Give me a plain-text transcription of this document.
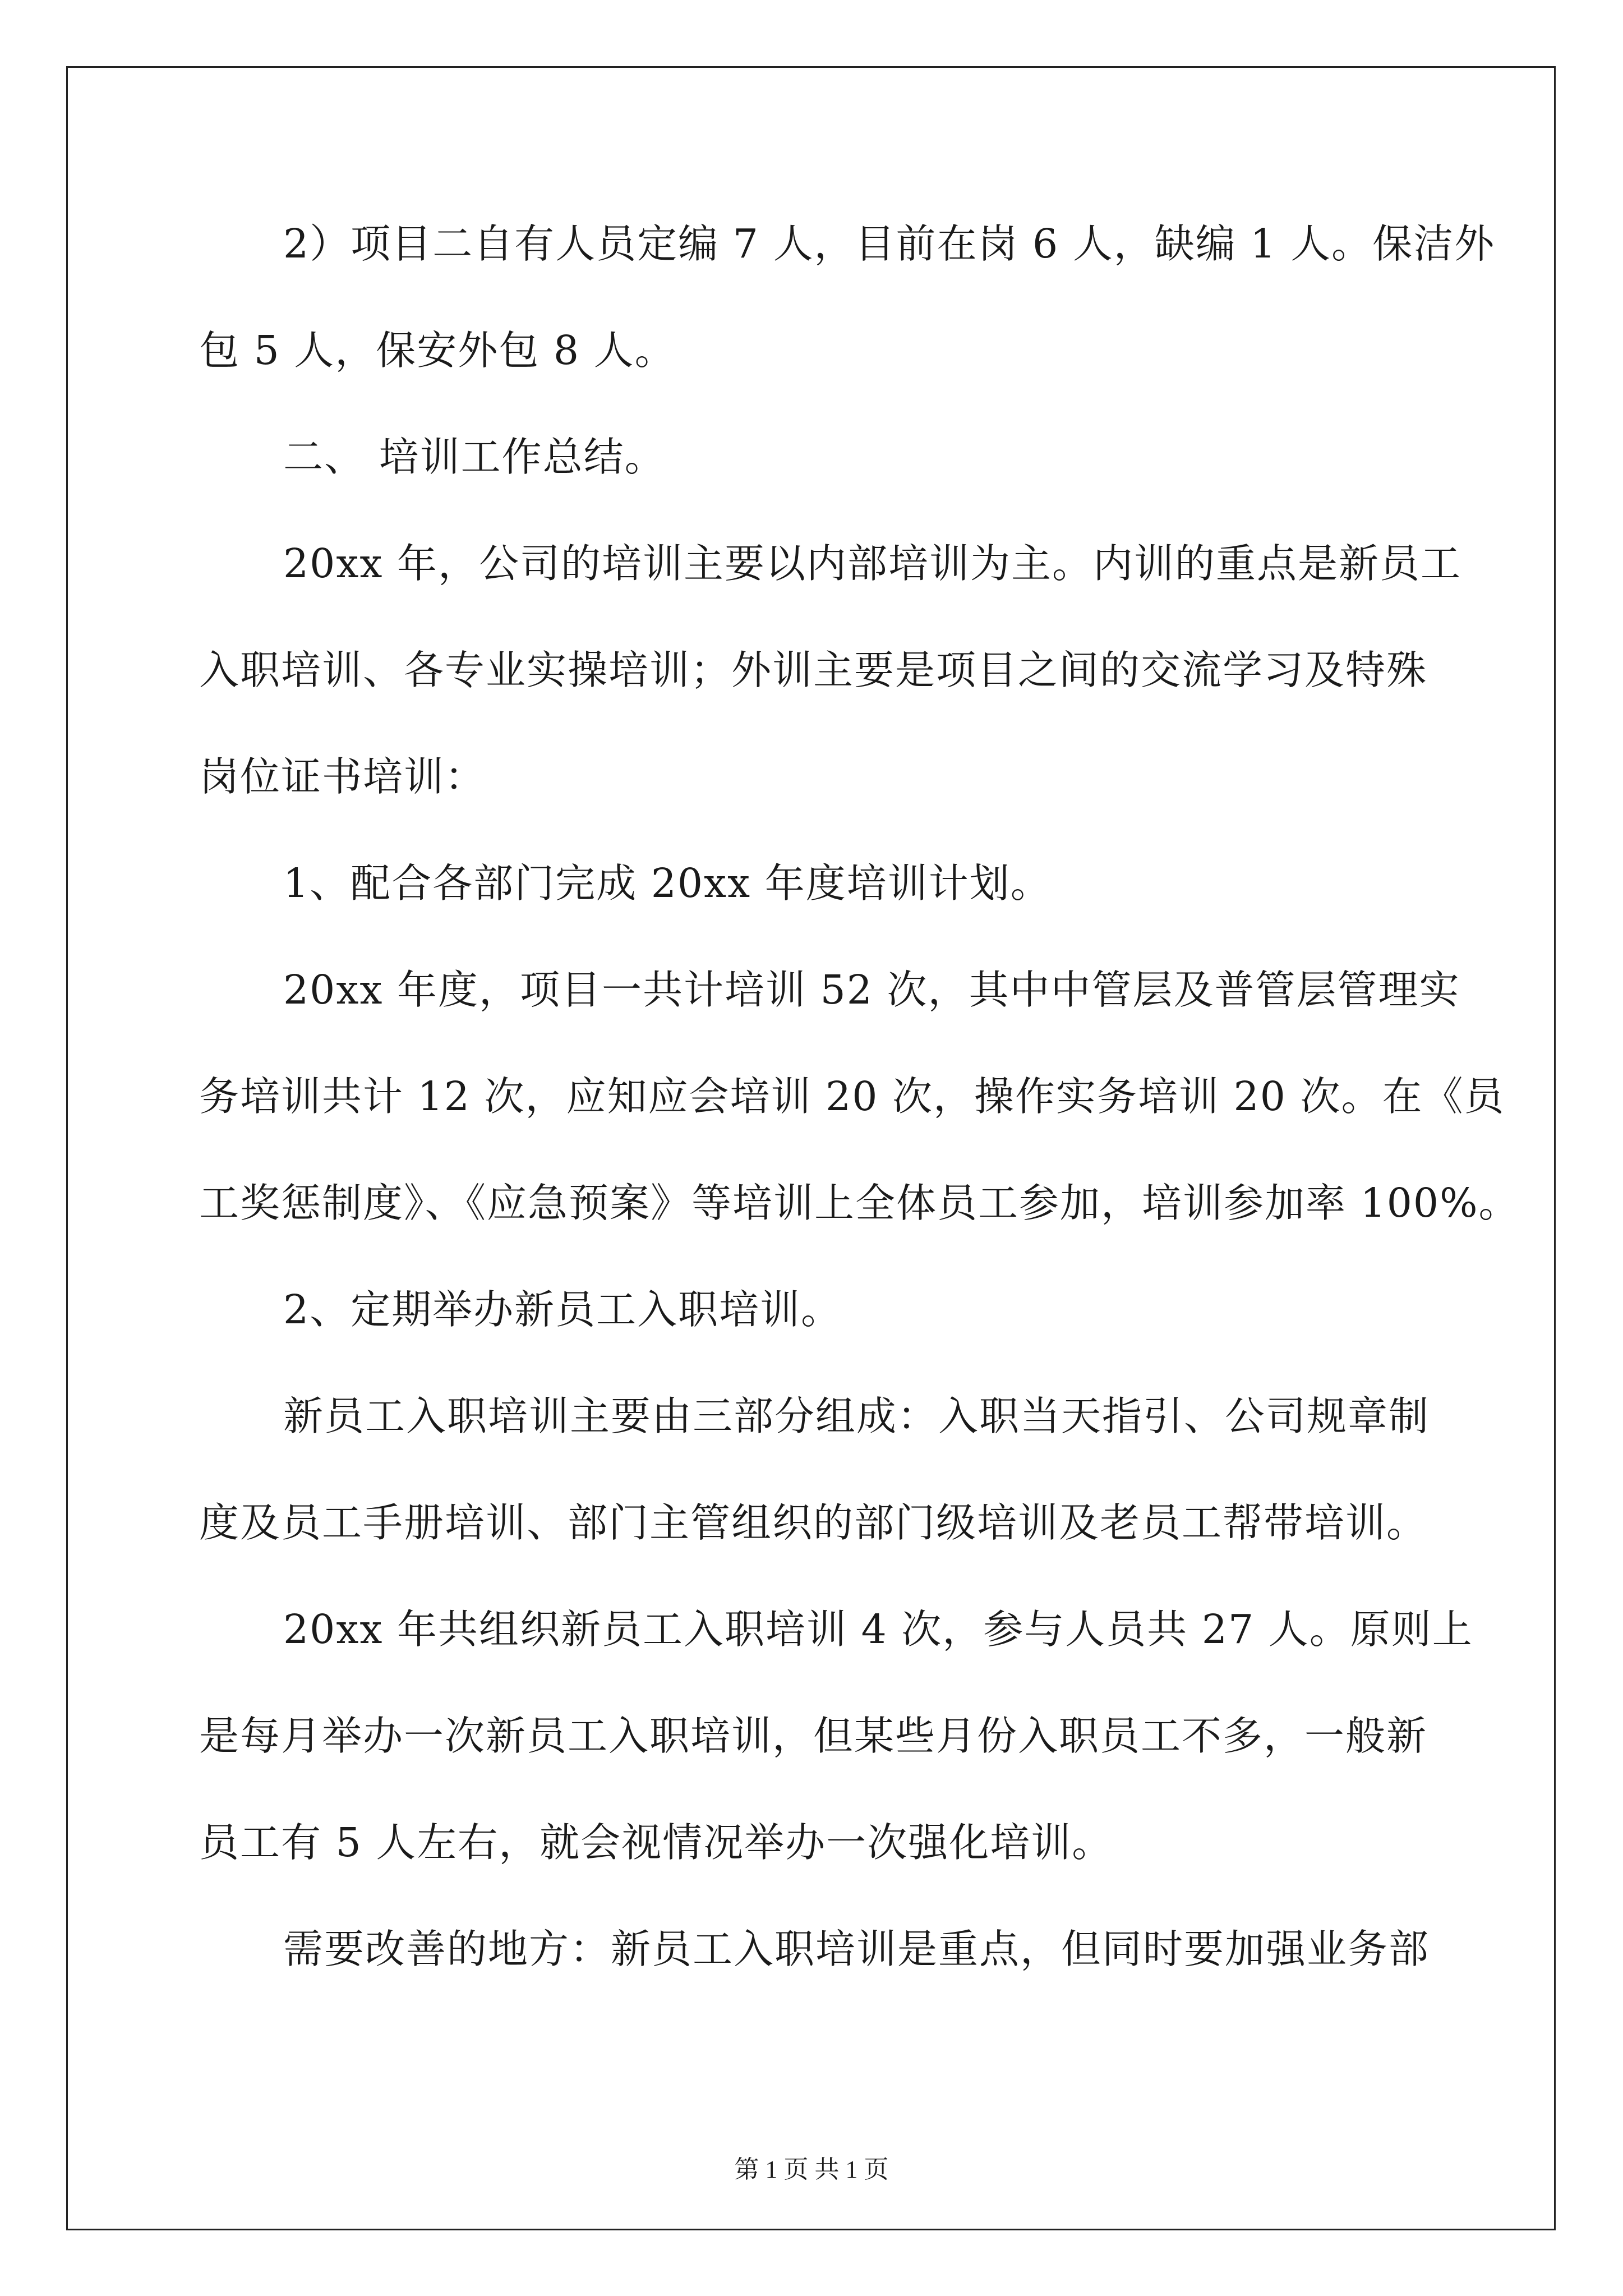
2）项目二自有人员定编 7 人，目前在岗 6 人，缺编 1 人。保洁外
包 5 人，保安外包 8 人。
二、 培训工作总结。
20xx 年，公司的培训主要以内部培训为主。内训的重点是新员工
入职培训、各专业实操培训；外训主要是项目之间的交流学习及特殊
岗位证书培训：
1、配合各部门完成 20xx 年度培训计划。
20xx 年度，项目一共计培训 52 次，其中中管层及普管层管理实
务培训共计 12 次，应知应会培训 20 次，操作实务培训 20 次。在《员
工奖惩制度》、《应急预案》等培训上全体员工参加，培训参加率 100%。
2、定期举办新员工入职培训。
新员工入职培训主要由三部分组成：入职当天指引、公司规章制
度及员工手册培训、部门主管组织的部门级培训及老员工帮带培训。
20xx 年共组织新员工入职培训 4 次，参与人员共 27 人。原则上
是每月举办一次新员工入职培训，但某些月份入职员工不多，一般新
员工有 5 人左右，就会视情况举办一次强化培训。
需要改善的地方：新员工入职培训是重点，但同时要加强业务部
第 1 页 共 1 页
